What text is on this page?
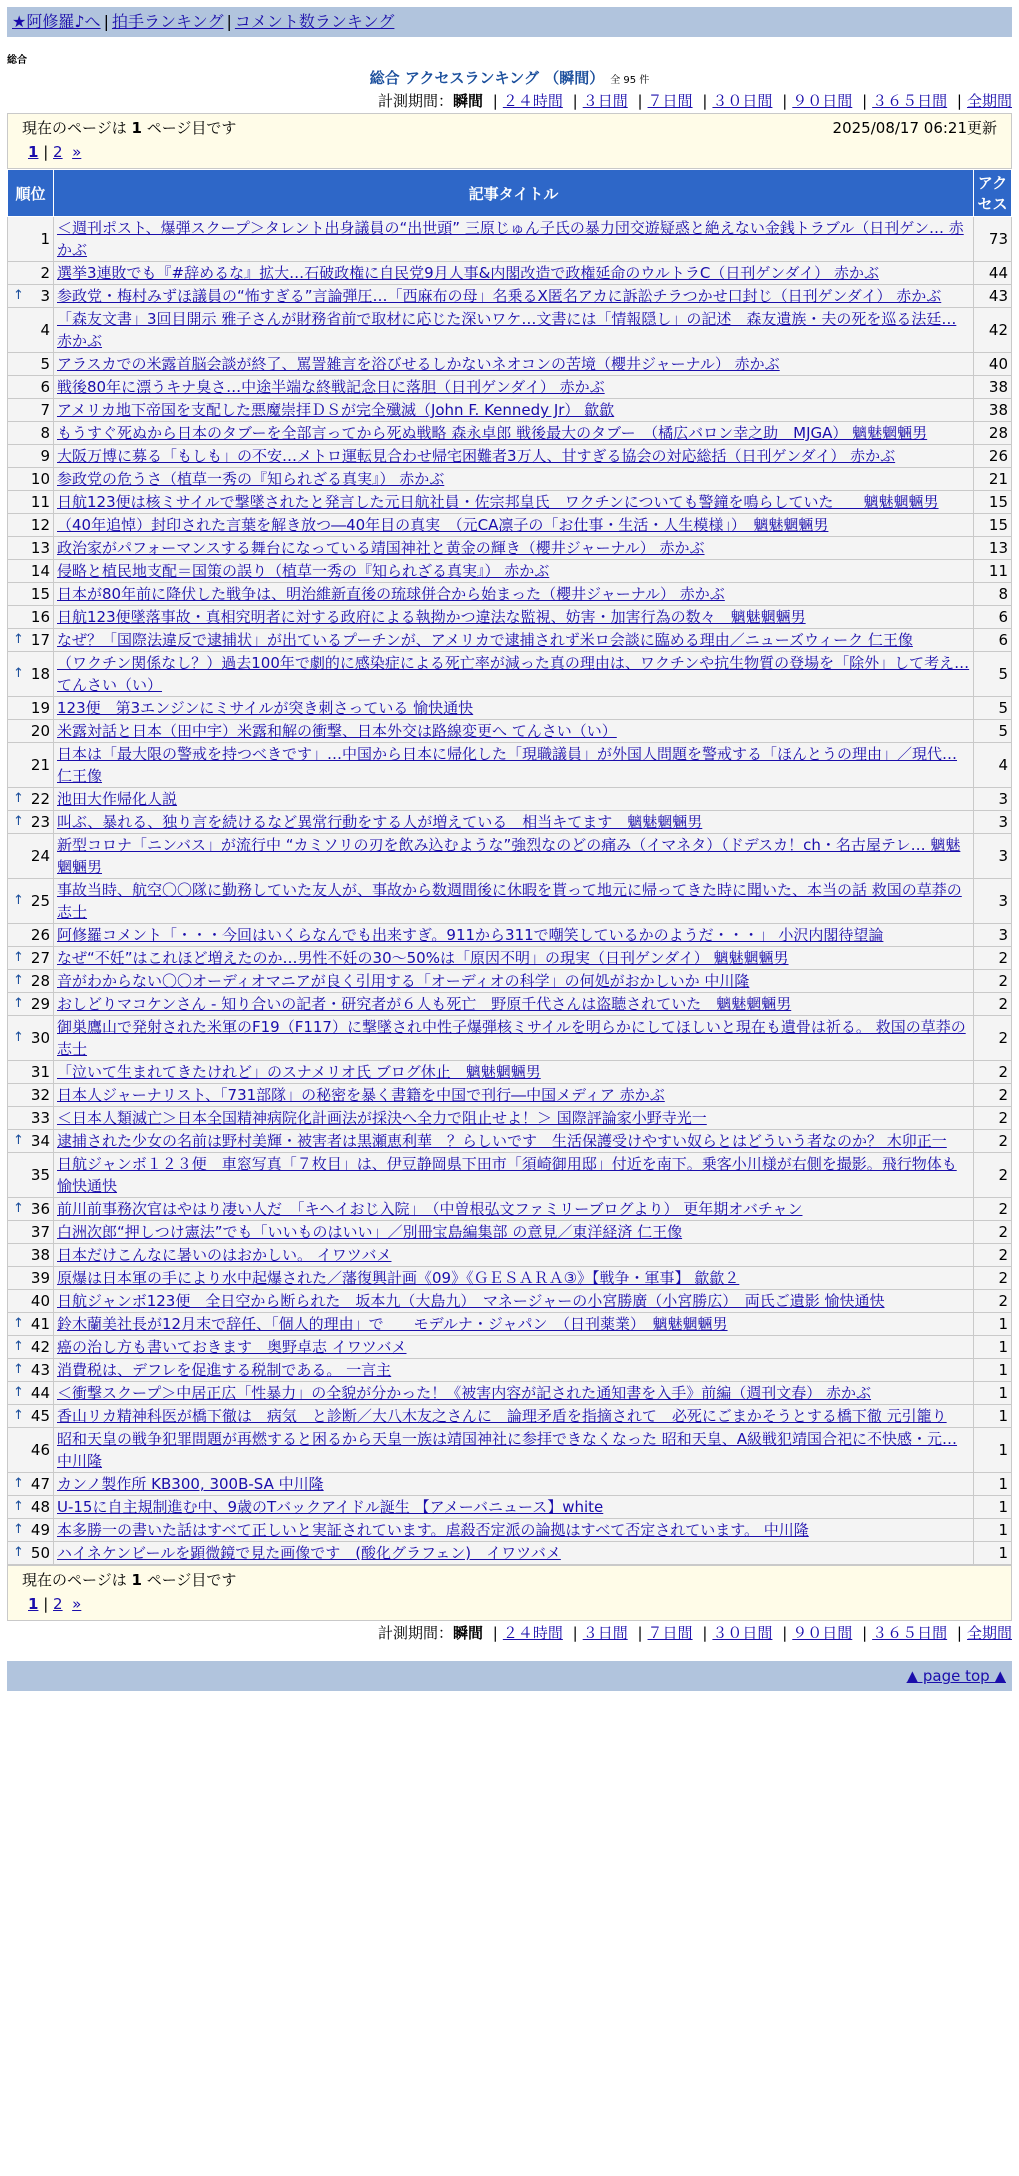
★阿修羅♪へ | 拍手ランキング | コメント数ランキング
総合
総合 アクセスランキング （瞬間） 全 95 件
計測期間：瞬間 | ２４時間 | ３日間 | ７日間 | ３０日間 | ９０日間 | ３６５日間 | 全期間
現在のページは 1 ページ目です	2025/08/17 06:21更新
1 | 2 »
順位	記事タイトル	アクセス
1	＜週刊ポスト、爆弾スクープ＞タレント出身議員の“出世頭” 三原じゅん子氏の暴力団交遊疑惑と絶えない金銭トラブル（日刊ゲン… 赤かぶ	73
2	選挙3連敗でも『#辞めるな』拡大…石破政権に自民党9月人事&内閣改造で政権延命のウルトラC（日刊ゲンダイ） 赤かぶ	44

↑ 3	参政党・梅村みずほ議員の“怖すぎる”言論弾圧…「西麻布の母」名乗るX匿名アカに訴訟チラつかせ口封じ（日刊ゲンダイ） 赤かぶ	43
4	「森友文書」3回目開示 雅子さんが財務省前で取材に応じた深いワケ…文書には「情報隠し」の記述　森友遺族・夫の死を巡る法廷… 赤かぶ	42
5	アラスカでの米露首脳会談が終了、罵詈雑言を浴びせるしかないネオコンの苦境（櫻井ジャーナル） 赤かぶ	40
6	戦後80年に漂うキナ臭さ…中途半端な終戦記念日に落胆（日刊ゲンダイ） 赤かぶ	38
7	アメリカ地下帝国を支配した悪魔崇拝ＤＳが完全殲滅（John F. Kennedy Jr） 歙歙	38
8	もうすぐ死ぬから日本のタブーを全部言ってから死ぬ戦略 森永卓郎 戦後最大のタブー　（橘広バロン幸之助　MJGA） 魑魅魍魎男	28
9	大阪万博に募る「もしも」の不安…メトロ運転見合わせ帰宅困難者3万人、甘すぎる協会の対応総括（日刊ゲンダイ） 赤かぶ	26
10	参政党の危うさ（植草一秀の『知られざる真実』） 赤かぶ	21
11	日航123便は核ミサイルで撃墜されたと発言した元日航社員・佐宗邦皇氏　ワクチンについても警鐘を鳴らしていた　　魑魅魍魎男	15
12	（40年追悼）封印された言葉を解き放つ―40年目の真実　（元CA凛子の「お仕事・生活・人生模様」）　魑魅魍魎男	15
13	政治家がパフォーマンスする舞台になっている靖国神社と黄金の輝き（櫻井ジャーナル） 赤かぶ	13
14	侵略と植民地支配＝国策の誤り（植草一秀の『知られざる真実』） 赤かぶ	11
15	日本が80年前に降伏した戦争は、明治維新直後の琉球併合から始まった（櫻井ジャーナル） 赤かぶ	8
16	日航123便墜落事故・真相究明者に対する政府による執拗かつ違法な監視、妨害・加害行為の数々　魑魅魍魎男	6

↑ 17	なぜ？「国際法違反で逮捕状」が出ているプーチンが、アメリカで逮捕されず米ロ会談に臨める理由／ニューズウィーク 仁王像	6

↑ 18	（ワクチン関係なし？）過去100年で劇的に感染症による死亡率が減った真の理由は、ワクチンや抗生物質の登場を「除外」して考え… てんさい（い）	5
19	123便　第3エンジンにミサイルが突き刺さっている 愉快通快	5
20	米露対話と日本（田中宇）米露和解の衝撃、日本外交は路線変更へ てんさい（い）	5
21	日本は「最大限の警戒を持つべきです」…中国から日本に帰化した「現職議員」が外国人問題を警戒する「ほんとうの理由」／現代… 仁王像	4

↑ 22	池田大作帰化人説	3

↑ 23	叫ぶ、暴れる、独り言を続けるなど異常行動をする人が増えている　相当キてます　魑魅魍魎男	3
24	新型コロナ「ニンバス」が流行中 “カミソリの刃を飲み込むような”強烈なのどの痛み（イマネタ）（ドデスカ！ch・名古屋テレ… 魑魅魍魎男	3

↑ 25	事故当時、航空〇〇隊に勤務していた友人が、事故から数週間後に休暇を貰って地元に帰ってきた時に聞いた、本当の話 救国の草莽の志士	3
26	阿修羅コメント「・・・今回はいくらなんでも出来すぎ。911から311で嘲笑しているかのようだ・・・」 小沢内閣待望論	3

↑ 27	なぜ“不妊”はこれほど増えたのか…男性不妊の30～50%は「原因不明」の現実（日刊ゲンダイ） 魑魅魍魎男	2

↑ 28	音がわからない〇〇オーディオマニアが良く引用する「オーディオの科学」の何処がおかしいか 中川隆	2

↑ 29	おしどりマコケンさん - 知り合いの記者・研究者が６人も死亡　野原千代さんは盗聴されていた　魑魅魍魎男	2

↑ 30	御巣鷹山で発射された米軍のF19（F117）に撃墜され中性子爆弾核ミサイルを明らかにしてほしいと現在も遺骨は祈る。 救国の草莽の志士	2
31	「泣いて生まれてきたけれど」のスナメリオ氏 ブログ休止　魑魅魍魎男	2
32	日本人ジャーナリスト、「731部隊」の秘密を暴く書籍を中国で刊行―中国メディア 赤かぶ	2
33	＜日本人類滅亡＞日本全国精神病院化計画法が採決へ全力で阻止せよ！＞ 国際評論家小野寺光一	2

↑ 34	逮捕された少女の名前は野村美輝・被害者は黒瀬恵利華　？らしいです　生活保護受けやすい奴らとはどういう者なのか？ 木卯正一	2
35	日航ジャンボ１２３便　車窓写真「７枚目」は、伊豆静岡県下田市「須崎御用邸」付近を南下。乗客小川様が右側を撮影。飛行物体も 愉快通快	2

↑ 36	前川前事務次官はやはり凄い人だ　「キヘイおじ入院」　（中曽根弘文ファミリーブログより） 更年期オバチャン	2
37	白洲次郎“押しつけ憲法”でも「いいものはいい」／別冊宝島編集部 の意見／東洋経済 仁王像	2
38	日本だけこんなに暑いのはおかしい。 イワツバメ	2
39	原爆は日本軍の手により水中起爆された／藩復興計画《09》《ＧＥＳＡＲＡ③》【戦争・軍事】 歙歙２	2
40	日航ジャンボ123便　全日空から断られた　坂本九（大島九）　マネージャーの小宮勝廣（小宮勝広）　両氏ご遺影 愉快通快	2

↑ 41	鈴木蘭美社長が12月末で辞任、「個人的理由」で　　モデルナ・ジャパン　（日刊薬業）　魑魅魍魎男	1

↑ 42	癌の治し方も書いておきます　奥野卓志 イワツバメ	1

↑ 43	消費税は、デフレを促進する税制である。 一言主	1

↑ 44	＜衝撃スクープ＞中居正広「性暴力」の全貌が分かった！《被害内容が記された通知書を入手》前編（週刊文春） 赤かぶ	1

↑ 45	香山リカ精神科医が橋下徹は　病気　と診断／大八木友之さんに　論理矛盾を指摘されて　必死にごまかそうとする橋下徹 元引籠り	1
46	昭和天皇の戦争犯罪問題が再燃すると困るから天皇一族は靖国神社に参拝できなくなった 昭和天皇、A級戦犯靖国合祀に不快感・元… 中川隆	1

↑ 47	カンノ製作所 KB300, 300B-SA 中川隆	1

↑ 48	U-15に自主規制進む中、9歳のTバックアイドル誕生 【アメーバニュース】white	1

↑ 49	本多勝一の書いた話はすべて正しいと実証されています。虐殺否定派の論拠はすべて否定されています。 中川隆	1

↑ 50	ハイネケンビールを顕微鏡で見た画像です　(酸化グラフェン)　イワツバメ	1
現在のページは 1 ページ目です
1 | 2 »
計測期間：瞬間 | ２４時間 | ３日間 | ７日間 | ３０日間 | ９０日間 | ３６５日間 | 全期間
▲ page top ▲
